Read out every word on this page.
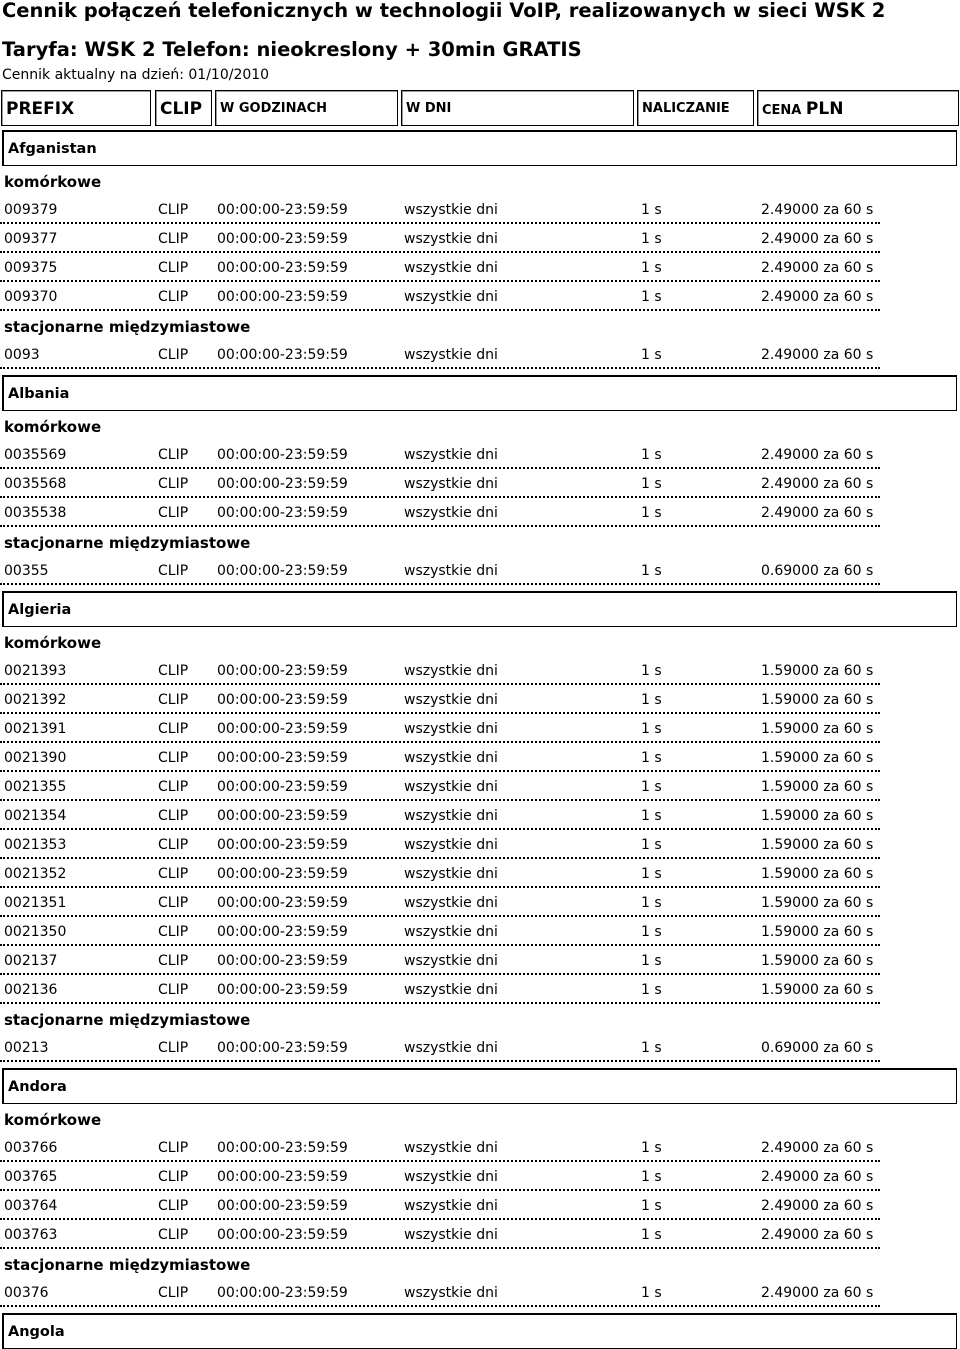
Cennik połączeń telefonicznych w technologii VoIP, realizowanych w sieci WSK 2
Taryfa: WSK 2 Telefon: nieokreslony + 30min GRATIS
Cennik aktualny na dzień: 01/10/2010
PREFIX	CLIP	W GODZINACH	W DNI	NALICZANIE	CENA PLN
Afganistan
komórkowe
009379	CLIP 00:00:00-23:59:59	wszystkie dni	1 s	2.49000 za 60 s
009377	CLIP 00:00:00-23:59:59	wszystkie dni	1 s	2.49000 za 60 s
009375	CLIP 00:00:00-23:59:59	wszystkie dni	1 s	2.49000 za 60 s
009370	CLIP 00:00:00-23:59:59	wszystkie dni	1 s	2.49000 za 60 s
stacjonarne międzymiastowe
0093	CLIP 00:00:00-23:59:59	wszystkie dni	1 s	2.49000 za 60 s
Albania
komórkowe
0035569	CLIP 00:00:00-23:59:59	wszystkie dni	1 s	2.49000 za 60 s
0035568	CLIP 00:00:00-23:59:59	wszystkie dni	1 s	2.49000 za 60 s
0035538	CLIP 00:00:00-23:59:59	wszystkie dni	1 s	2.49000 za 60 s
stacjonarne międzymiastowe
00355	CLIP 00:00:00-23:59:59	wszystkie dni	1 s	0.69000 za 60 s
Algieria
komórkowe
0021393	CLIP 00:00:00-23:59:59	wszystkie dni	1 s	1.59000 za 60 s
0021392	CLIP 00:00:00-23:59:59	wszystkie dni	1 s	1.59000 za 60 s
0021391	CLIP 00:00:00-23:59:59	wszystkie dni	1 s	1.59000 za 60 s
0021390	CLIP 00:00:00-23:59:59	wszystkie dni	1 s	1.59000 za 60 s
0021355	CLIP 00:00:00-23:59:59	wszystkie dni	1 s	1.59000 za 60 s
0021354	CLIP 00:00:00-23:59:59	wszystkie dni	1 s	1.59000 za 60 s
0021353	CLIP 00:00:00-23:59:59	wszystkie dni	1 s	1.59000 za 60 s
0021352	CLIP 00:00:00-23:59:59	wszystkie dni	1 s	1.59000 za 60 s
0021351	CLIP 00:00:00-23:59:59	wszystkie dni	1 s	1.59000 za 60 s
0021350	CLIP 00:00:00-23:59:59	wszystkie dni	1 s	1.59000 za 60 s
002137	CLIP 00:00:00-23:59:59	wszystkie dni	1 s	1.59000 za 60 s
002136	CLIP 00:00:00-23:59:59	wszystkie dni	1 s	1.59000 za 60 s
stacjonarne międzymiastowe
00213	CLIP 00:00:00-23:59:59	wszystkie dni	1 s	0.69000 za 60 s
Andora
komórkowe
003766	CLIP 00:00:00-23:59:59	wszystkie dni	1 s	2.49000 za 60 s
003765	CLIP 00:00:00-23:59:59	wszystkie dni	1 s	2.49000 za 60 s
003764	CLIP 00:00:00-23:59:59	wszystkie dni	1 s	2.49000 za 60 s
003763	CLIP 00:00:00-23:59:59	wszystkie dni	1 s	2.49000 za 60 s
stacjonarne międzymiastowe
00376	CLIP 00:00:00-23:59:59	wszystkie dni	1 s	2.49000 za 60 s
Angola
